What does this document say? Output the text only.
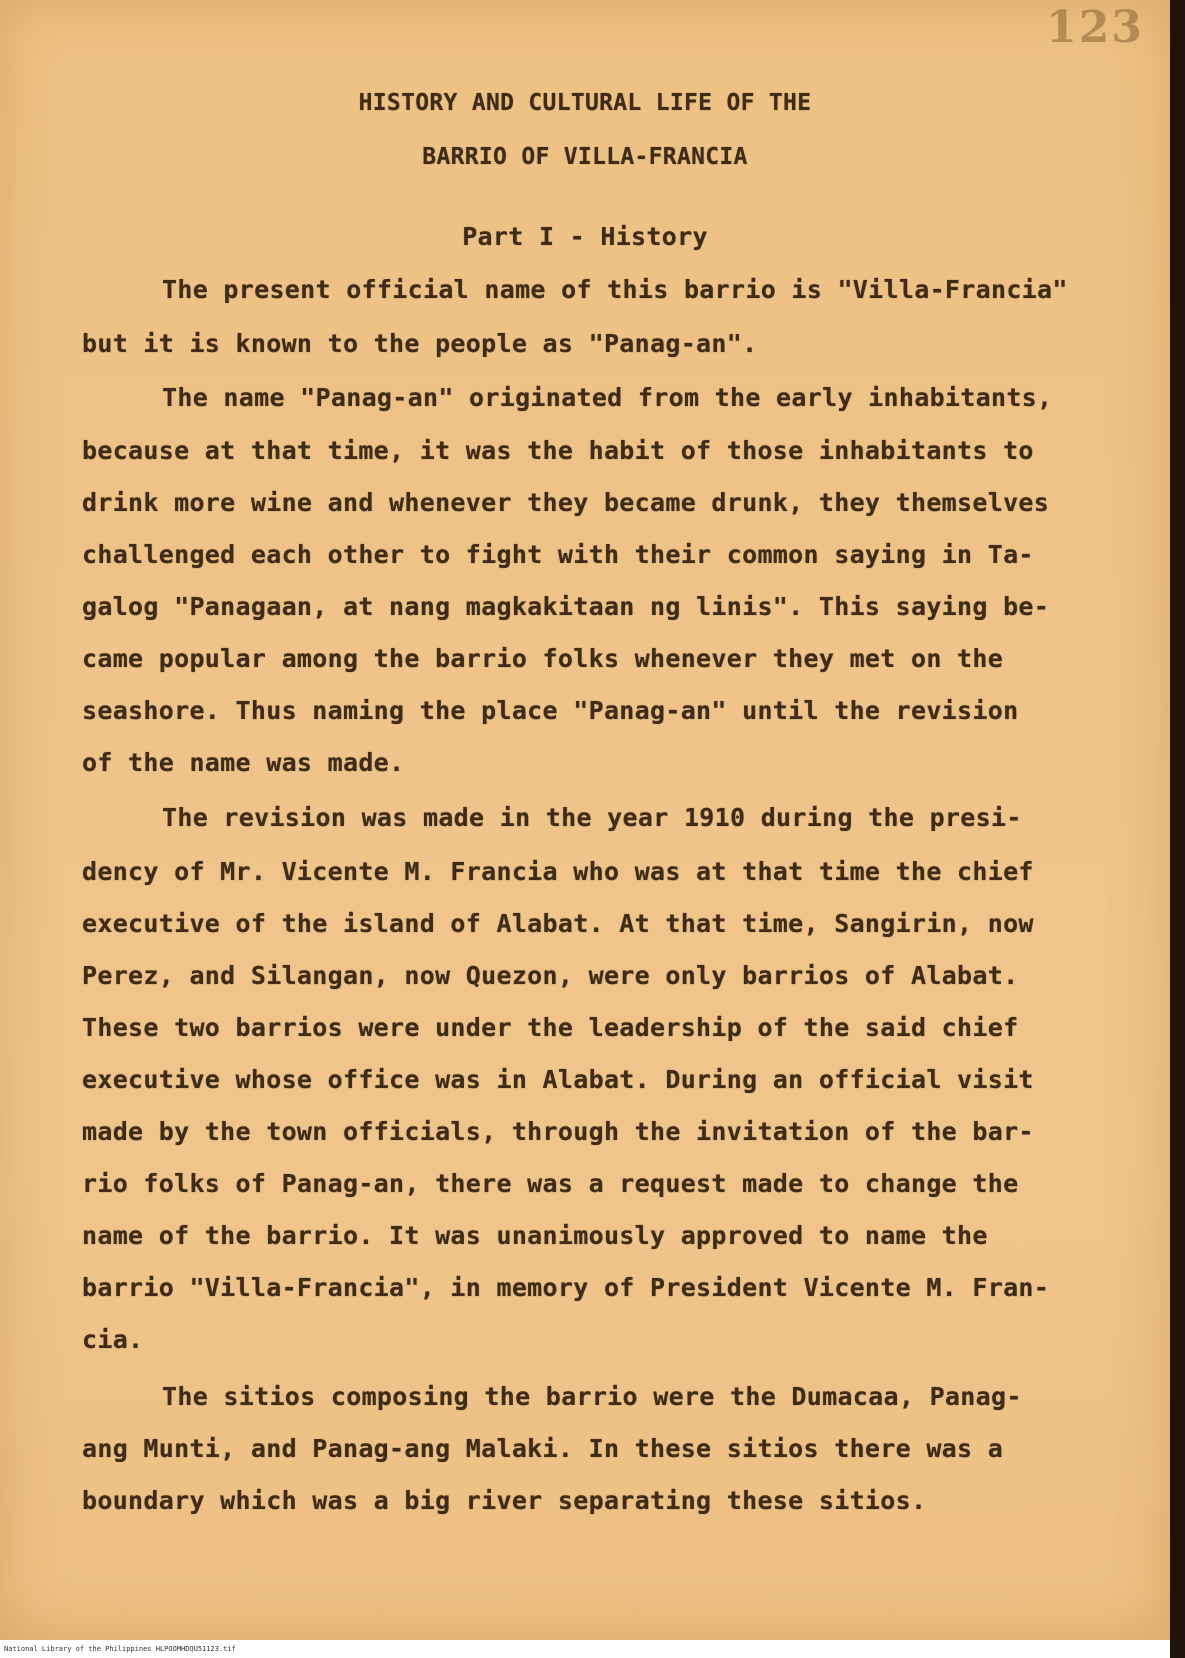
123
HISTORY AND CULTURAL LIFE OF THE
BARRIO OF VILLA-FRANCIA
Part I - History
The present official name of this barrio is "Villa-Francia"
but it is known to the people as "Panag-an".
The name "Panag-an" originated from the early inhabitants,
because at that time, it was the habit of those inhabitants to
drink more wine and whenever they became drunk, they themselves
challenged each other to fight with their common saying in Ta-
galog "Panagaan, at nang magkakitaan ng linis". This saying be-
came popular among the barrio folks whenever they met on the
seashore. Thus naming the place "Panag-an" until the revision
of the name was made.
The revision was made in the year 1910 during the presi-
dency of Mr. Vicente M. Francia who was at that time the chief
executive of the island of Alabat. At that time, Sangirin, now
Perez, and Silangan, now Quezon, were only barrios of Alabat.
These two barrios were under the leadership of the said chief
executive whose office was in Alabat. During an official visit
made by the town officials, through the invitation of the bar-
rio folks of Panag-an, there was a request made to change the
name of the barrio. It was unanimously approved to name the
barrio "Villa-Francia", in memory of President Vicente M. Fran-
cia.
The sitios composing the barrio were the Dumacaa, Panag-
ang Munti, and Panag-ang Malaki. In these sitios there was a
boundary which was a big river separating these sitios.
National Library of the Philippines HLPOOMHDQU51123.tif
